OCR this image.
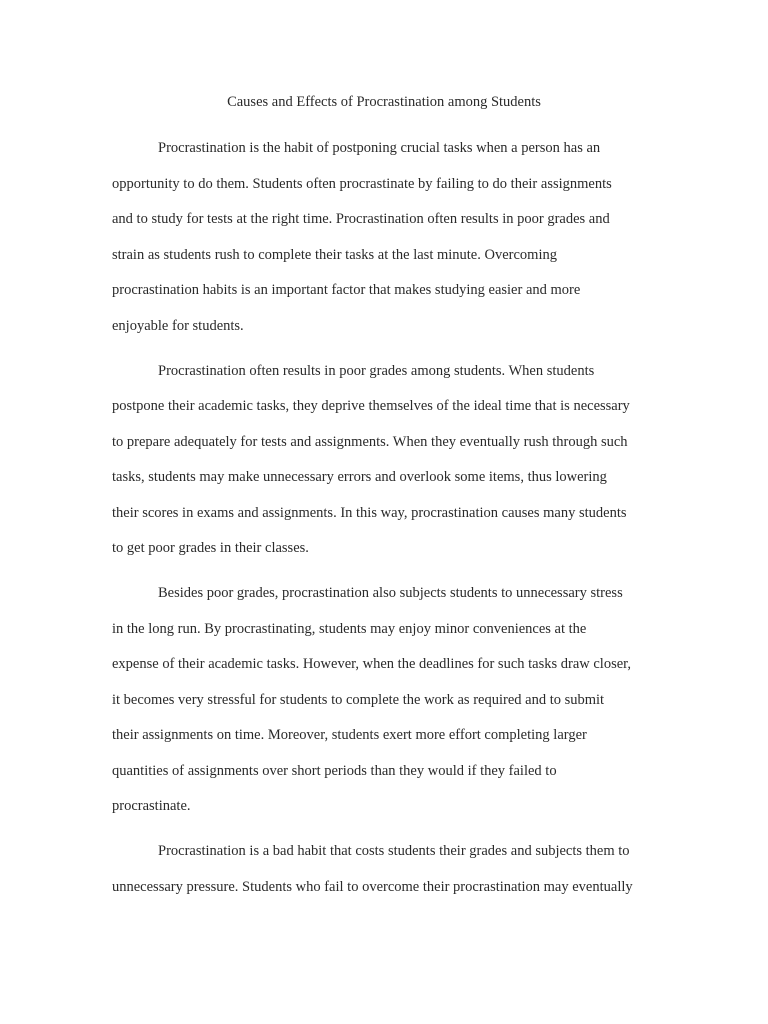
Causes and Effects of Procrastination among Students
Procrastination is the habit of postponing crucial tasks when a person has an
opportunity to do them. Students often procrastinate by failing to do their assignments
and to study for tests at the right time. Procrastination often results in poor grades and
strain as students rush to complete their tasks at the last minute. Overcoming
procrastination habits is an important factor that makes studying easier and more
enjoyable for students.
Procrastination often results in poor grades among students. When students
postpone their academic tasks, they deprive themselves of the ideal time that is necessary
to prepare adequately for tests and assignments. When they eventually rush through such
tasks, students may make unnecessary errors and overlook some items, thus lowering
their scores in exams and assignments. In this way, procrastination causes many students
to get poor grades in their classes.
Besides poor grades, procrastination also subjects students to unnecessary stress
in the long run. By procrastinating, students may enjoy minor conveniences at the
expense of their academic tasks. However, when the deadlines for such tasks draw closer,
it becomes very stressful for students to complete the work as required and to submit
their assignments on time. Moreover, students exert more effort completing larger
quantities of assignments over short periods than they would if they failed to
procrastinate.
Procrastination is a bad habit that costs students their grades and subjects them to
unnecessary pressure. Students who fail to overcome their procrastination may eventually
